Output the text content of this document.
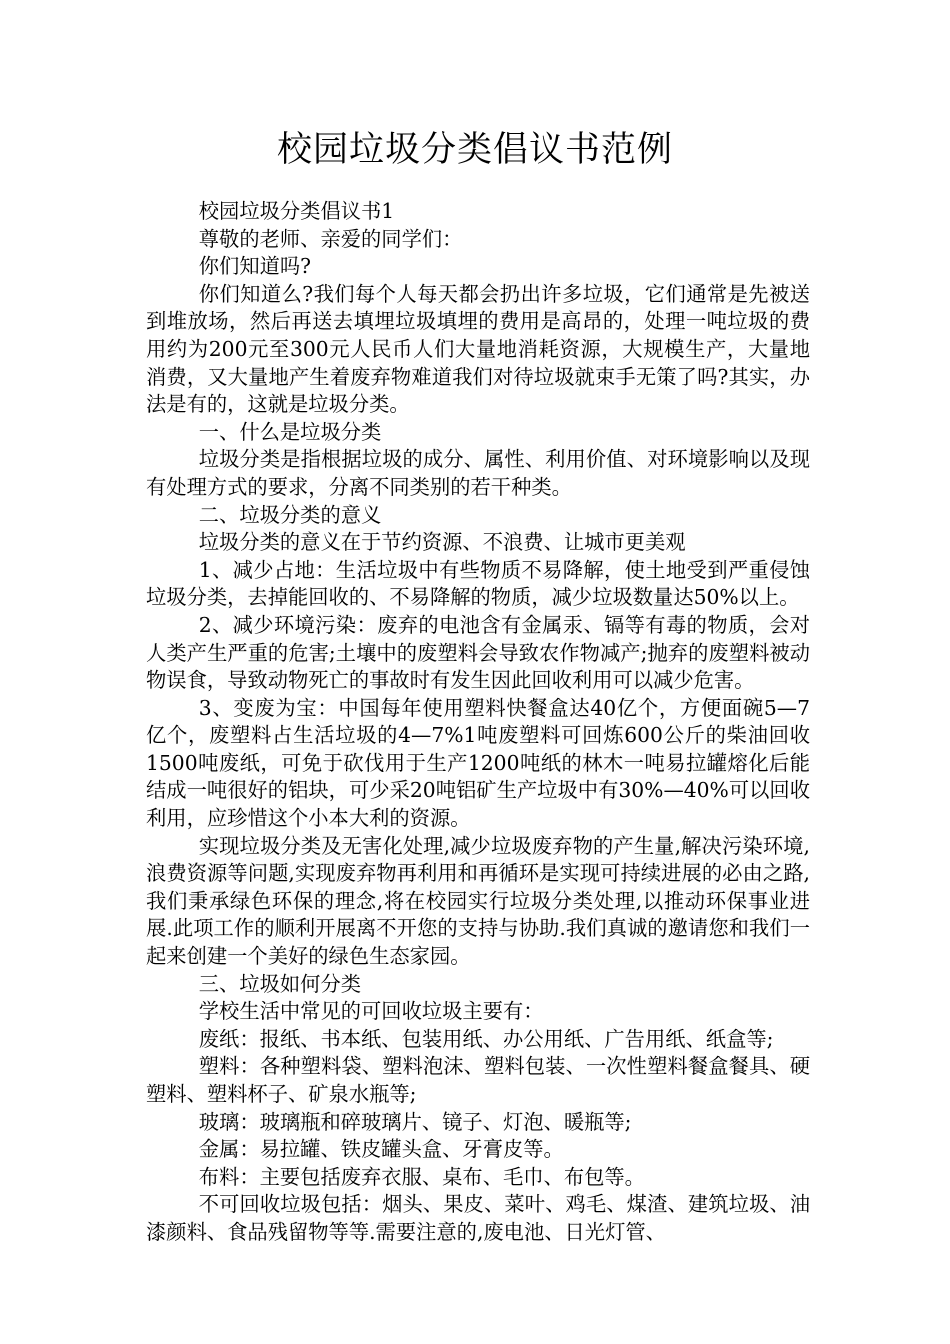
校园垃圾分类倡议书范例

校园垃圾分类倡议书1

尊敬的老师、亲爱的同学们：

你们知道吗?

你们知道么?我们每个人每天都会扔出许多垃圾，它们通常是先被送到堆放场，然后再送去填埋垃圾填埋的费用是高昂的，处理一吨垃圾的费用约为200元至300元人民币人们大量地消耗资源，大规模生产，大量地消费，又大量地产生着废弃物难道我们对待垃圾就束手无策了吗?其实，办法是有的，这就是垃圾分类。

一、什么是垃圾分类

垃圾分类是指根据垃圾的成分、属性、利用价值、对环境影响以及现有处理方式的要求，分离不同类别的若干种类。

二、垃圾分类的意义

垃圾分类的意义在于节约资源、不浪费、让城市更美观

1、减少占地：生活垃圾中有些物质不易降解，使土地受到严重侵蚀垃圾分类，去掉能回收的、不易降解的物质，减少垃圾数量达50%以上。

2、减少环境污染：废弃的电池含有金属汞、镉等有毒的物质，会对人类产生严重的危害;土壤中的废塑料会导致农作物减产;抛弃的废塑料被动物误食，导致动物死亡的事故时有发生因此回收利用可以减少危害。

3、变废为宝：中国每年使用塑料快餐盒达40亿个，方便面碗5—7亿个，废塑料占生活垃圾的4—7%1吨废塑料可回炼600公斤的柴油回收1500吨废纸，可免于砍伐用于生产1200吨纸的林木一吨易拉罐熔化后能结成一吨很好的铝块，可少采20吨铝矿生产垃圾中有30%—40%可以回收利用，应珍惜这个小本大利的资源。

实现垃圾分类及无害化处理,减少垃圾废弃物的产生量,解决污染环境,浪费资源等问题,实现废弃物再利用和再循环是实现可持续进展的必由之路,我们秉承绿色环保的理念,将在校园实行垃圾分类处理,以推动环保事业进展.此项工作的顺利开展离不开您的支持与协助.我们真诚的邀请您和我们一起来创建一个美好的绿色生态家园。

三、垃圾如何分类

学校生活中常见的可回收垃圾主要有：

废纸：报纸、书本纸、包装用纸、办公用纸、广告用纸、纸盒等;

塑料：各种塑料袋、塑料泡沫、塑料包装、一次性塑料餐盒餐具、硬塑料、塑料杯子、矿泉水瓶等;

玻璃：玻璃瓶和碎玻璃片、镜子、灯泡、暖瓶等;

金属：易拉罐、铁皮罐头盒、牙膏皮等。

布料：主要包括废弃衣服、桌布、毛巾、布包等。

不可回收垃圾包括：烟头、果皮、菜叶、鸡毛、煤渣、建筑垃圾、油漆颜料、食品残留物等等.需要注意的,废电池、日光灯管、
